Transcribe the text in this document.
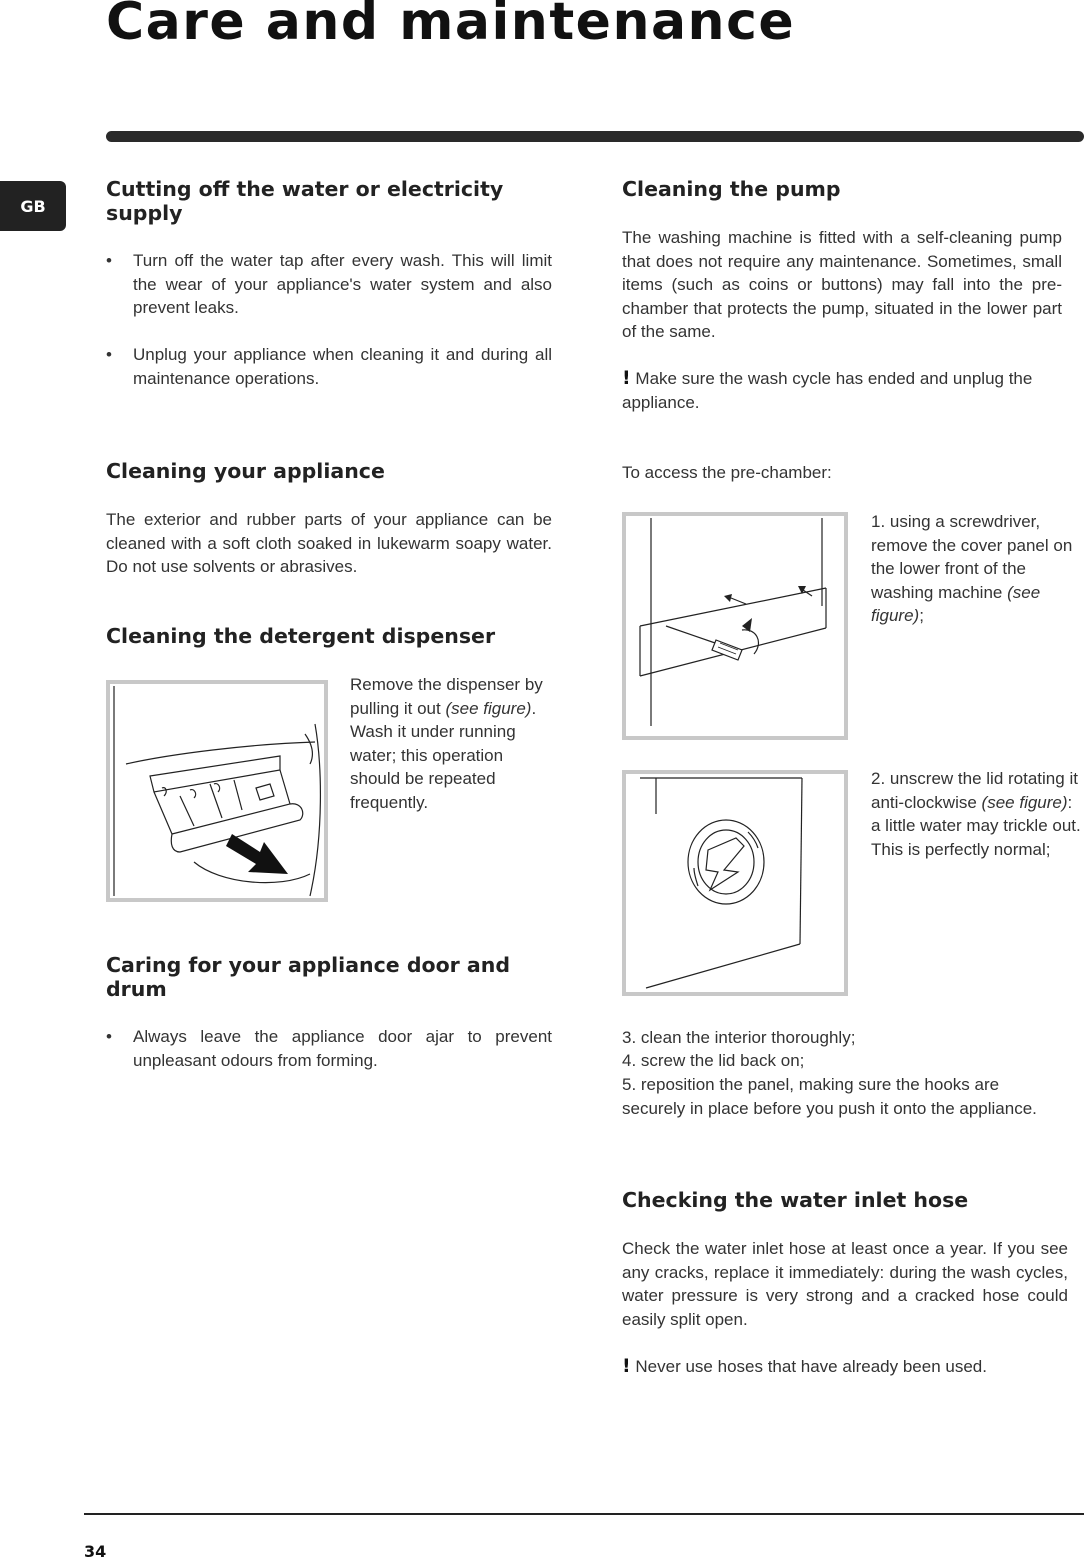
Care and maintenance
GB
Cutting off the water or electricity supply
• Turn off the water tap after every wash. This will limit the wear of your appliance's water system and also prevent leaks.
• Unplug your appliance when cleaning it and during all maintenance operations.
Cleaning your appliance

The exterior and rubber parts of your appliance can be cleaned with a soft cloth soaked in lukewarm soapy water. Do not use solvents or abrasives.

Cleaning the detergent dispenser

Remove the dispenser by pulling it out (see figure).
Wash it under running water; this operation should be repeated frequently.

Caring for your appliance door and drum
• Always leave the appliance door ajar to prevent unpleasant odours from forming.
Cleaning the pump

The washing machine is fitted with a self-cleaning pump that does not require any maintenance. Sometimes, small items (such as coins or buttons) may fall into the pre-chamber that protects the pump, situated in the lower part of the same.

! Make sure the wash cycle has ended and unplug the appliance.

To access the pre-chamber:

1. using a screwdriver, remove the cover panel on the lower front of the washing machine (see figure);

2. unscrew the lid rotating it anti-clockwise (see figure): a little water may trickle out. This is perfectly normal;

3. clean the interior thoroughly;

4. screw the lid back on;

5. reposition the panel, making sure the hooks are securely in place before you push it onto the appliance.

Checking the water inlet hose

Check the water inlet hose at least once a year. If you see any cracks, replace it immediately: during the wash cycles, water pressure is very strong and a cracked hose could easily split open.

! Never use hoses that have already been used.

34
